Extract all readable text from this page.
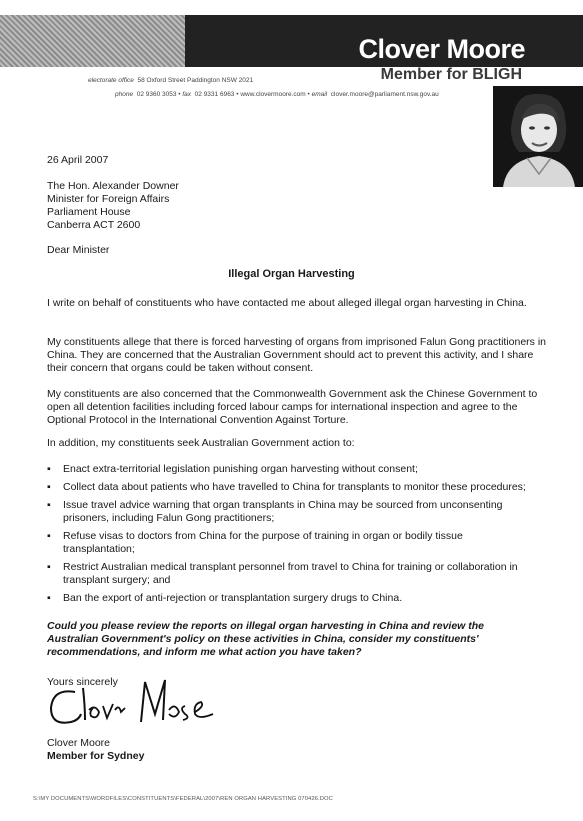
Clover Moore
Member for BLIGH
electorate office 58 Oxford Street Paddington NSW 2021
phone 02 9360 3053 • fax 02 9331 6963 • www.clovermoore.com • email clover.moore@parliament.nsw.gov.au
26 April 2007
The Hon. Alexander Downer
Minister for Foreign Affairs
Parliament House
Canberra ACT 2600
Dear Minister
Illegal Organ Harvesting
I write on behalf of constituents who have contacted me about alleged illegal organ harvesting in China.
My constituents allege that there is forced harvesting of organs from imprisoned Falun Gong practitioners in China. They are concerned that the Australian Government should act to prevent this activity, and I share their concern that organs could be taken without consent.
My constituents are also concerned that the Commonwealth Government ask the Chinese Government to open all detention facilities including forced labour camps for international inspection and agree to the Optional Protocol in the International Convention Against Torture.
In addition, my constituents seek Australian Government action to:
▪ Enact extra-territorial legislation punishing organ harvesting without consent;
▪ Collect data about patients who have travelled to China for transplants to monitor these procedures;
▪ Issue travel advice warning that organ transplants in China may be sourced from unconsenting prisoners, including Falun Gong practitioners;
▪ Refuse visas to doctors from China for the purpose of training in organ or bodily tissue transplantation;
▪ Restrict Australian medical transplant personnel from travel to China for training or collaboration in transplant surgery; and
▪ Ban the export of anti-rejection or transplantation surgery drugs to China.
Could you please review the reports on illegal organ harvesting in China and review the Australian Government's policy on these activities in China, consider my constituents' recommendations, and inform me what action you have taken?
Yours sincerely
Clover Moore
Member for Sydney
S:\MY DOCUMENTS\WORDFILES\CONSTITUENTS\FEDERAL\2007\REN ORGAN HARVESTING 070426.DOC
